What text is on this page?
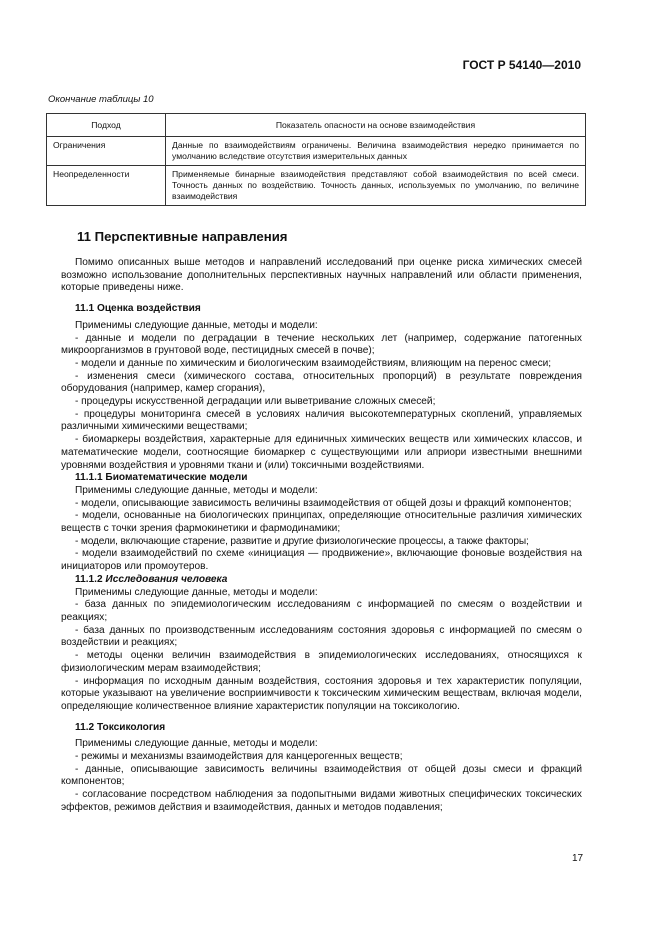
ГОСТ Р 54140—2010
Окончание таблицы 10
Подход	Показатель опасности на основе взаимодействия
Ограничения	Данные по взаимодействиям ограничены. Величина взаимодействия нередко принимается по умолчанию вследствие отсутствия измерительных данных
Неопределенности	Применяемые бинарные взаимодействия представляют собой взаимодействия по всей смеси. Точность данных по воздействию. Точность данных, используемых по умолчанию, по величине взаимодействия
11 Перспективные направления
Помимо описанных выше методов и направлений исследований при оценке риска химических смесей возможно использование дополнительных перспективных научных направлений или области применения, которые приведены ниже.
11.1 Оценка воздействия
Применимы следующие данные, методы и модели:
- данные и модели по деградации в течение нескольких лет (например, содержание патогенных микроорганизмов в грунтовой воде, пестицидных смесей в почве);
- модели и данные по химическим и биологическим взаимодействиям, влияющим на перенос смеси;
- изменения смеси (химического состава, относительных пропорций) в результате повреждения оборудования (например, камер сгорания),
- процедуры искусственной деградации или выветривание сложных смесей;
- процедуры мониторинга смесей в условиях наличия высокотемпературных скоплений, управляемых различными химическими веществами;
- биомаркеры воздействия, характерные для единичных химических веществ или химических классов, и математические модели, соотносящие биомаркер с существующими или априори известными внешними уровнями воздействия и уровнями ткани и (или) токсичными воздействиями.
11.1.1 Биоматематические модели
Применимы следующие данные, методы и модели:
- модели, описывающие зависимость величины взаимодействия от общей дозы и фракций компонентов;
- модели, основанные на биологических принципах, определяющие относительные различия химических веществ с точки зрения фармокинетики и фармодинамики;
- модели, включающие старение, развитие и другие физиологические процессы, а также факторы;
- модели взаимодействий по схеме «инициация — продвижение», включающие фоновые воздействия на инициаторов или промоутеров.
11.1.2 Исследования человека
Применимы следующие данные, методы и модели:
- база данных по эпидемиологическим исследованиям с информацией по смесям о воздействии и реакциях;
- база данных по производственным исследованиям состояния здоровья с информацией по смесям о воздействии и реакциях;
- методы оценки величин взаимодействия в эпидемиологических исследованиях, относящихся к физиологическим мерам взаимодействия;
- информация по исходным данным воздействия, состояния здоровья и тех характеристик популяции, которые указывают на увеличение восприимчивости к токсическим химическим веществам, включая модели, определяющие количественное влияние характеристик популяции на токсикологию.
11.2 Токсикология
Применимы следующие данные, методы и модели:
- режимы и механизмы взаимодействия для канцерогенных веществ;
- данные, описывающие зависимость величины взаимодействия от общей дозы смеси и фракций компонентов;
- согласование посредством наблюдения за подопытными видами животных специфических токсических эффектов, режимов действия и взаимодействия, данных и методов подавления;
17
